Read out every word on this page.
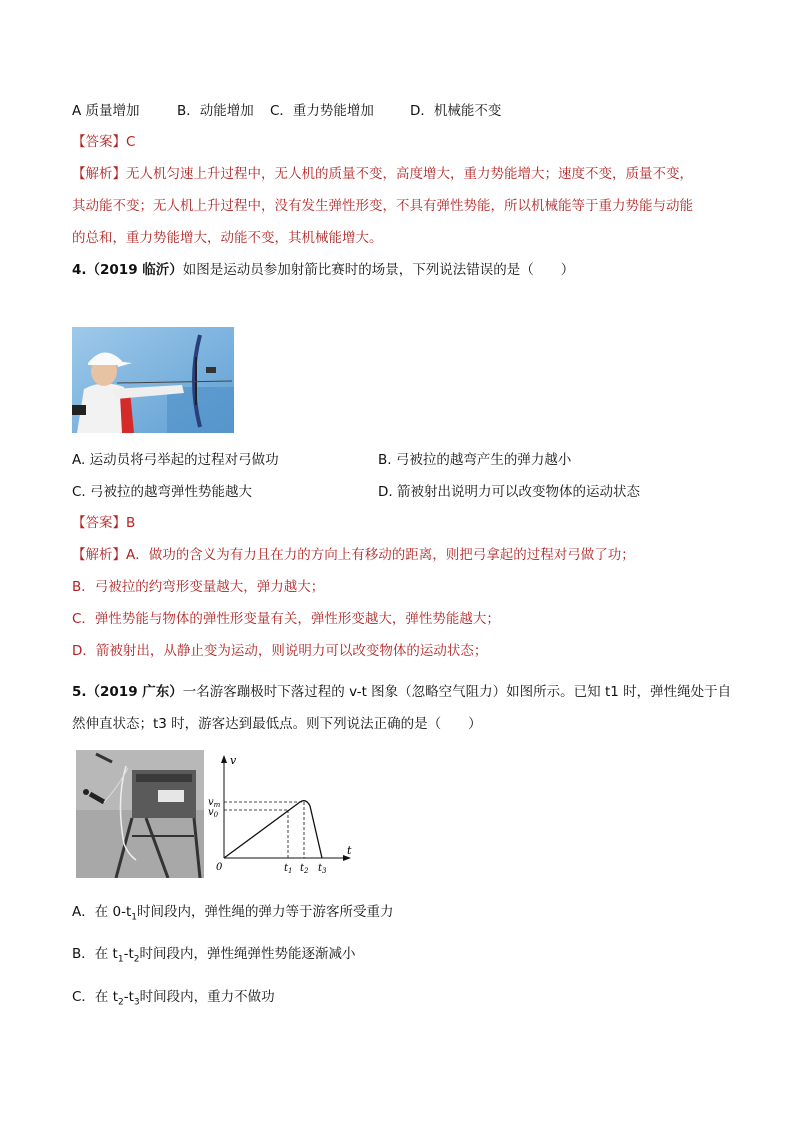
A 质量增加	B．动能增加 C．重力势能增加	D．机械能不变
【答案】C
【解析】无人机匀速上升过程中，无人机的质量不变，高度增大，重力势能增大；速度不变，质量不变，
其动能不变；无人机上升过程中，没有发生弹性形变，不具有弹性势能，所以机械能等于重力势能与动能
的总和，重力势能增大，动能不变，其机械能增大。
4.（2019 临沂）如图是运动员参加射箭比赛时的场景，下列说法错误的是（　　）
A. 运动员将弓举起的过程对弓做功	B. 弓被拉的越弯产生的弹力越小
C. 弓被拉的越弯弹性势能越大	D. 箭被射出说明力可以改变物体的运动状态
【答案】B
【解析】A．做功的含义为有力且在力的方向上有移动的距离，则把弓拿起的过程对弓做了功；
B．弓被拉的约弯形变量越大，弹力越大；
C．弹性势能与物体的弹性形变量有关，弹性形变越大，弹性势能越大；
D．箭被射出，从静止变为运动，则说明力可以改变物体的运动状态；
5.（2019 广东）一名游客蹦极时下落过程的 v-t 图象（忽略空气阻力）如图所示。已知 t1 时，弹性绳处于自
然伸直状态；t3 时，游客达到最低点。则下列说法正确的是（　　）
v
t
$v_m$
$v_0$
0	$t_1$ $t_2$ $t_3$
A．在 $0-t_1$时间段内，弹性绳的弹力等于游客所受重力
B．在 $t_1-t_2$时间段内，弹性绳弹性势能逐渐减小
C．在 $t_2-t_3$时间段内，重力不做功
